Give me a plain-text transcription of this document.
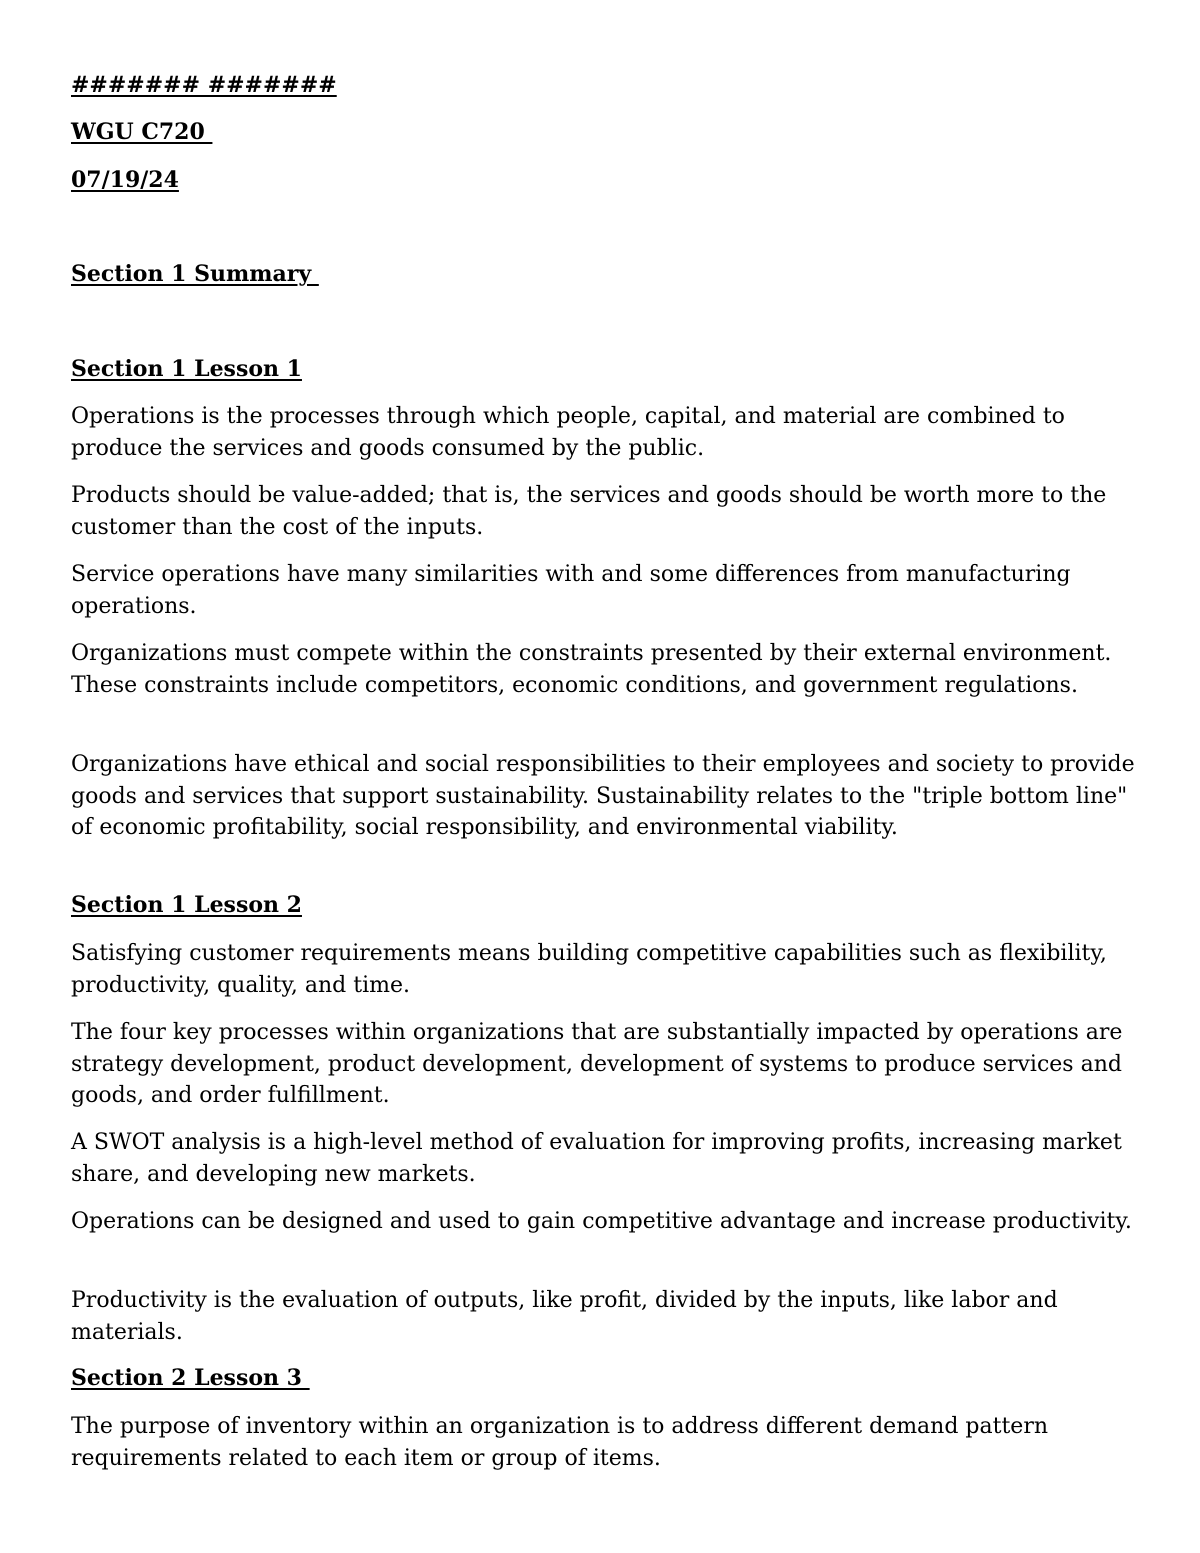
####### #######
WGU C720
07/19/24
Section 1 Summary
Section 1 Lesson 1
Operations is the processes through which people, capital, and material are combined to produce the services and goods consumed by the public.
Products should be value-added; that is, the services and goods should be worth more to the customer than the cost of the inputs.
Service operations have many similarities with and some differences from manufacturing operations.
Organizations must compete within the constraints presented by their external environment. These constraints include competitors, economic conditions, and government regulations.
Organizations have ethical and social responsibilities to their employees and society to provide goods and services that support sustainability. Sustainability relates to the "triple bottom line" of economic profitability, social responsibility, and environmental viability.
Section 1 Lesson 2
Satisfying customer requirements means building competitive capabilities such as flexibility, productivity, quality, and time.
The four key processes within organizations that are substantially impacted by operations are strategy development, product development, development of systems to produce services and goods, and order fulfillment.
A SWOT analysis is a high-level method of evaluation for improving profits, increasing market share, and developing new markets.
Operations can be designed and used to gain competitive advantage and increase productivity.
Productivity is the evaluation of outputs, like profit, divided by the inputs, like labor and materials.
Section 2 Lesson 3
The purpose of inventory within an organization is to address different demand pattern requirements related to each item or group of items.
